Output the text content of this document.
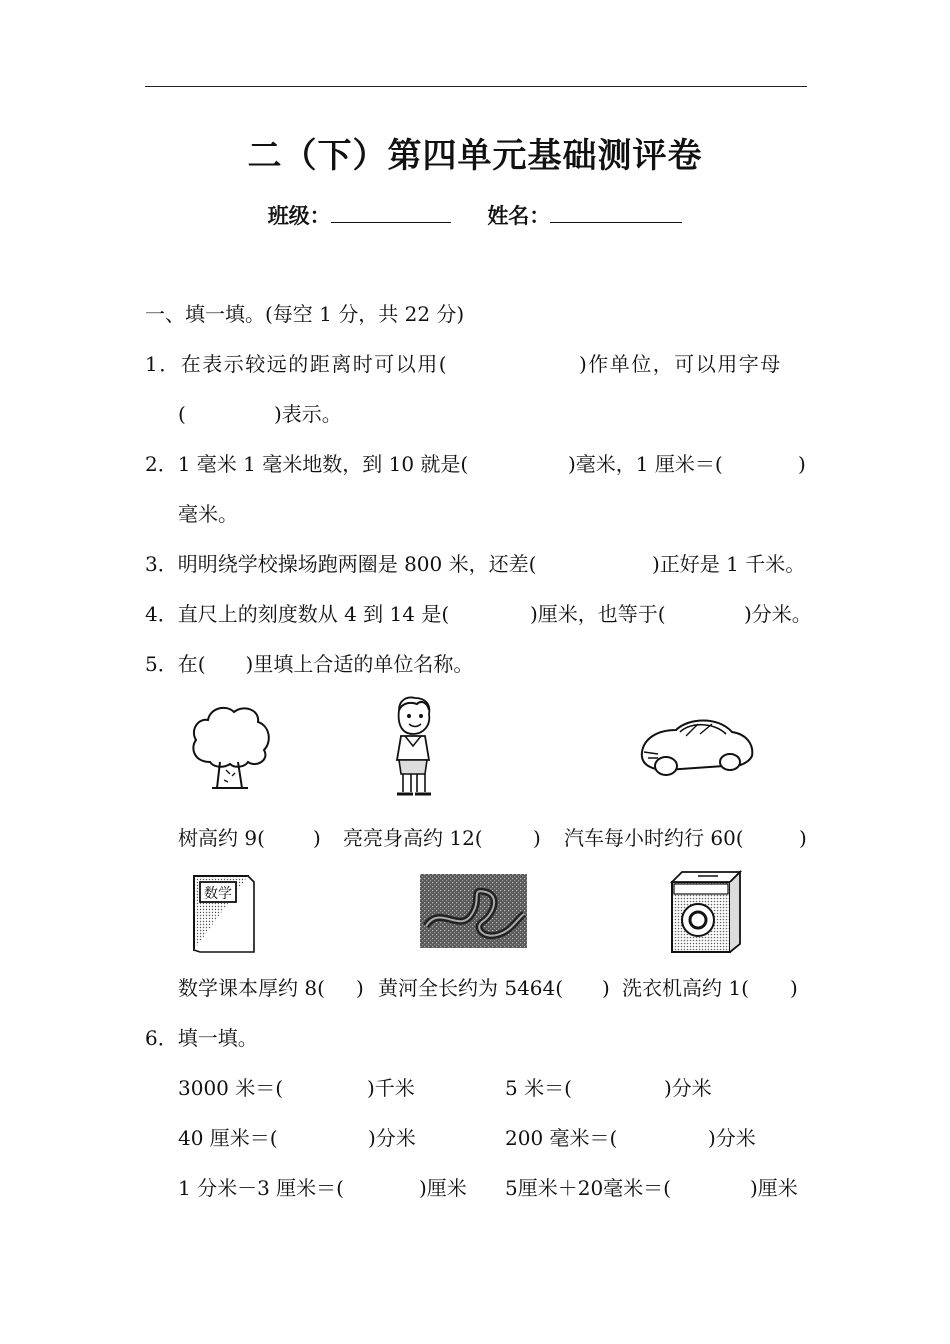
二（下）第四单元基础测评卷
班级：	姓名：
一、填一填。(每空 1 分，共 22 分)
1．在表示较远的距离时可以用(	)作单位，可以用字母
(	)表示。
2．1 毫米 1 毫米地数，到 10 就是(	)毫米，1 厘米＝(	)
毫米。
3．明明绕学校操场跑两圈是 800 米，还差(	)正好是 1 千米。
4．直尺上的刻度数从 4 到 14 是(	)厘米，也等于(	)分米。
5．在(　　)里填上合适的单位名称。
树高约 9( ) 亮亮身高约 12(	) 汽车每小时约行 60(	)
数学
数学课本厚约 8( ) 黄河全长约为 5464( ) 洗衣机高约 1( )
6．填一填。
3000 米＝(	)千米	5 米＝(	)分米
40 厘米＝(	)分米	200 毫米＝(	)分米
1 分米－3 厘米＝(	)厘米 5厘米＋20毫米＝(	)厘米
